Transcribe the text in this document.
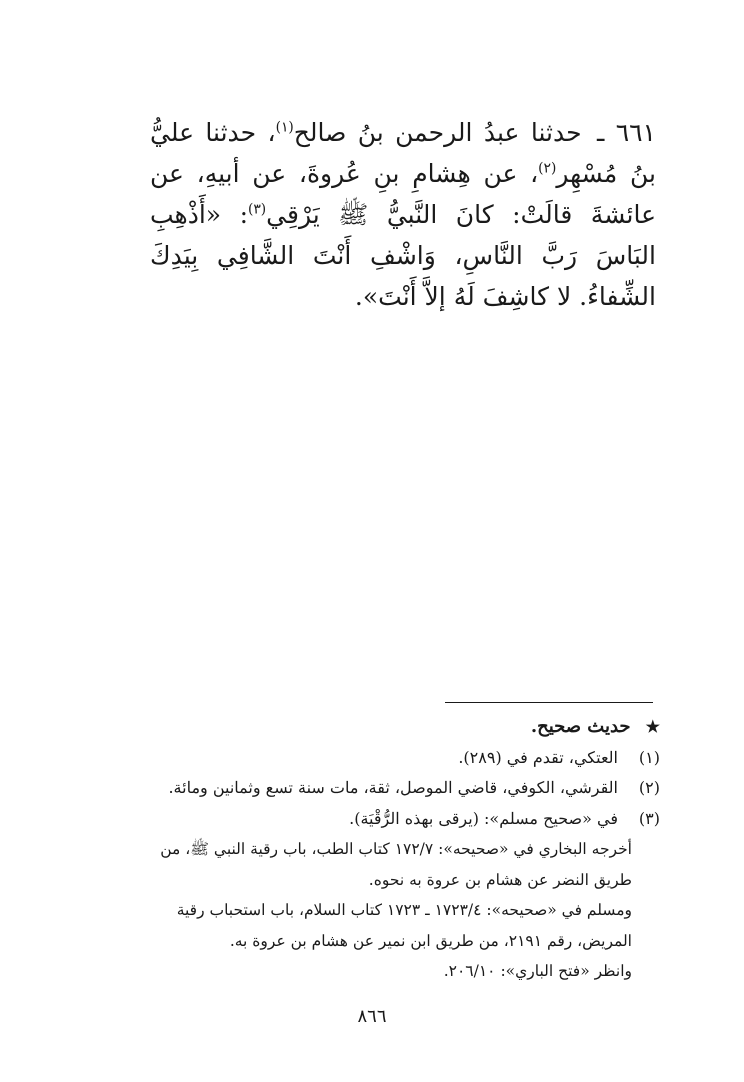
٦٦١ ـ حدثنا عبدُ الرحمن بنُ صالح$^{(١)}$، حدثنا عليُّ بنُ مُسْهِر$^{(٢)}$، عن هِشامِ بنِ عُروةَ، عن أبيهِ، عن عائشةَ قالَتْ: كانَ النَّبيُّ ﷺ يَرْقِي$^{(٣)}$: «أَذْهِبِ البَاسَ رَبَّ النَّاسِ، وَاشْفِ أَنْتَ الشَّافِي بِيَدِكَ الشِّفاءُ. لا كاشِفَ لَهُ إلاَّ أَنْتَ».

★ حديث صحيح.
(١)العتكي، تقدم في (٢٨٩).
(٢)القرشي، الكوفي، قاضي الموصل، ثقة، مات سنة تسع وثمانين ومائة.
(٣)في «صحيح مسلم»: (يرقى بهذه الرُّقْيَة).
أخرجه البخاري في «صحيحه»: ١٧٢/٧ كتاب الطب، باب رقية النبي ﷺ، من
طريق النضر عن هشام بن عروة به نحوه.
ومسلم في «صحيحه»: ١٧٢٣/٤ ـ ١٧٢٣ كتاب السلام، باب استحباب رقية
المريض، رقم ٢١٩١، من طريق ابن نمير عن هشام بن عروة به.
وانظر «فتح الباري»: ٢٠٦/١٠.
٨٦٦
